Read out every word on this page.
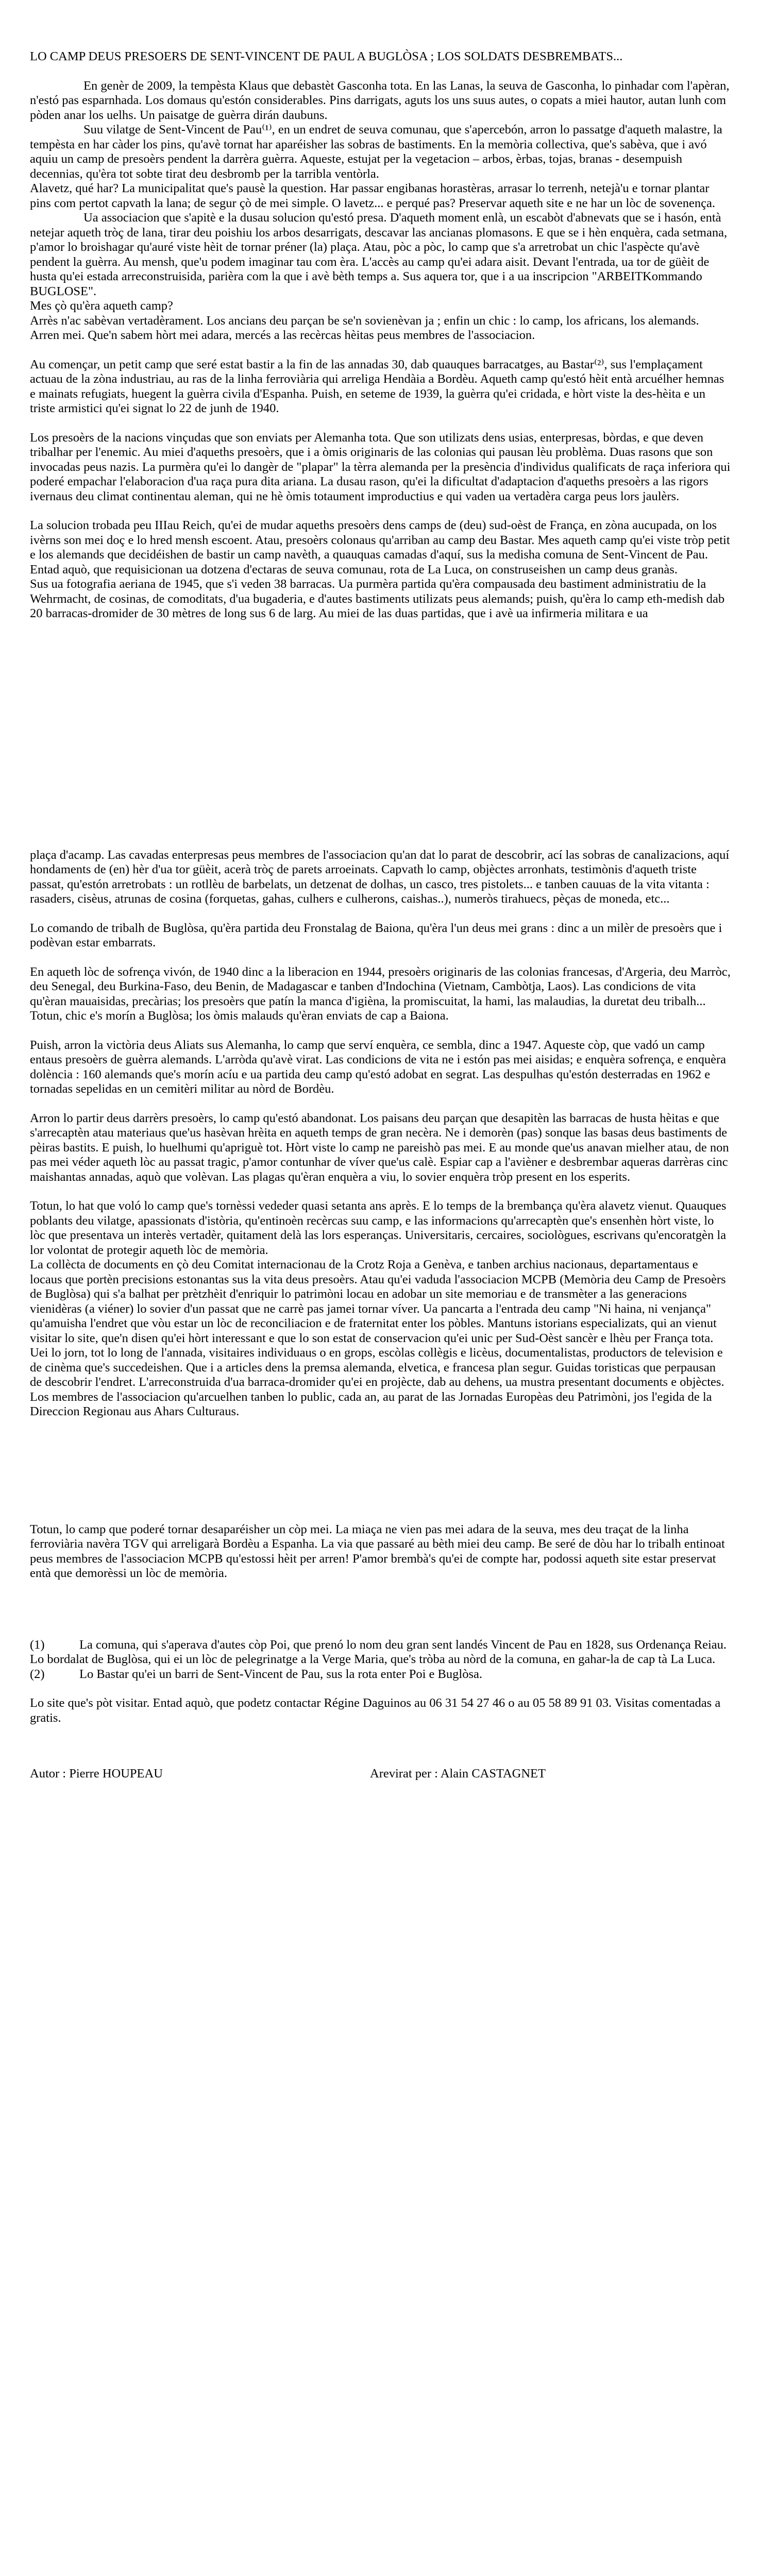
LO CAMP DEUS PRESOERS DE SENT-VINCENT DE PAUL A BUGLÒSA ; LOS SOLDATS DESBREMBATS...

En genèr de 2009, la tempèsta Klaus que debastèt Gasconha tota. En las Lanas, la seuva de Gasconha, lo pinhadar com l'apèran, n'estó pas esparnhada. Los domaus qu'estón considerables. Pins darrigats, aguts los uns suus autes, o copats a miei hautor, autan lunh com pòden anar los uelhs. Un paisatge de guèrra dirán daubuns.

Suu vilatge de Sent-Vincent de Pau⁽¹⁾, en un endret de seuva comunau, que s'apercebón, arron lo passatge d'aqueth malastre, la tempèsta en har càder los pins, qu'avè tornat har aparéisher las sobras de bastiments. En la memòria collectiva, que's sabèva, que i avó aquiu un camp de presoèrs pendent la darrèra guèrra. Aqueste, estujat per la vegetacion – arbos, èrbas, tojas, branas - desempuish decennias, qu'èra tot sobte tirat deu desbromb per la tarribla ventòrla.

Alavetz, qué har? La municipalitat que's pausè la question. Har passar engibanas horastèras, arrasar lo terrenh, netejà'u e tornar plantar pins com pertot capvath la lana; de segur çò de mei simple. O lavetz... e perqué pas? Preservar aqueth site e ne har un lòc de sovenença.

Ua associacion que s'apitè e la dusau solucion qu'estó presa. D'aqueth moment enlà, un escabòt d'abnevats que se i hasón, entà netejar aqueth tròç de lana, tirar deu poishiu los arbos desarrigats, descavar las ancianas plomasons. E que se i hèn enquèra, cada setmana, p'amor lo broishagar qu'auré viste hèit de tornar préner (la) plaça. Atau, pòc a pòc, lo camp que s'a arretrobat un chic l'aspècte qu'avè pendent la guèrra. Au mensh, que'u podem imaginar tau com èra. L'accès au camp qu'ei adara aisit. Devant l'entrada, ua tor de güèit de husta qu'ei estada arreconstruisida, parièra com la que i avè bèth temps a. Sus aquera tor, que i a ua inscripcion "ARBEITKommando BUGLOSE".

Mes çò qu'èra aqueth camp?

Arrès n'ac sabèvan vertadèrament. Los ancians deu parçan be se'n sovienèvan ja ; enfin un chic : lo camp, los africans, los alemands. Arren mei. Que'n sabem hòrt mei adara, mercés a las recèrcas hèitas peus membres de l'associacion.

Au començar, un petit camp que seré estat bastir a la fin de las annadas 30, dab quauques barracatges, au Bastar⁽²⁾, sus l'emplaçament actuau de la zòna industriau, au ras de la linha ferroviària qui arreliga Hendàia a Bordèu. Aqueth camp qu'estó hèit entà arcuélher hemnas e mainats refugiats, huegent la guèrra civila d'Espanha. Puish, en seteme de 1939, la guèrra qu'ei cridada, e hòrt viste la des-hèita e un triste armistici qu'ei signat lo 22 de junh de 1940.

Los presoèrs de la nacions vinçudas que son enviats per Alemanha tota. Que son utilizats dens usias, enterpresas, bòrdas, e que deven tribalhar per l'enemic. Au miei d'aqueths presoèrs, que i a òmis originaris de las colonias qui pausan lèu problèma. Duas rasons que son invocadas peus nazis. La purmèra qu'ei lo dangèr de "plapar" la tèrra alemanda per la presència d'individus qualificats de raça inferiora qui poderé empachar l'elaboracion d'ua raça pura dita ariana. La dusau rason, qu'ei la dificultat d'adaptacion d'aqueths presoèrs a las rigors ivernaus deu climat continentau aleman, qui ne hè òmis totaument improductius e qui vaden ua vertadèra carga peus lors jaulèrs.

La solucion trobada peu IIIau Reich, qu'ei de mudar aqueths presoèrs dens camps de (deu) sud-oèst de França, en zòna aucupada, on los ivèrns son mei doç e lo hred mensh escoent. Atau, presoèrs colonaus qu'arriban au camp deu Bastar. Mes aqueth camp qu'ei viste tròp petit e los alemands que decidéishen de bastir un camp navèth, a quauquas camadas d'aquí, sus la medisha comuna de Sent-Vincent de Pau. Entad aquò, que requisicionan ua dotzena d'ectaras de seuva comunau, rota de La Luca, on construseishen un camp deus granàs.

Sus ua fotografia aeriana de 1945, que s'i veden 38 barracas. Ua purmèra partida qu'èra compausada deu bastiment administratiu de la Wehrmacht, de cosinas, de comoditats, d'ua bugaderia, e d'autes bastiments utilizats peus alemands; puish, qu'èra lo camp eth-medish dab 20 barracas-dromider de 30 mètres de long sus 6 de larg. Au miei de las duas partidas, que i avè ua infirmeria militara e ua

plaça d'acamp. Las cavadas enterpresas peus membres de l'associacion qu'an dat lo parat de descobrir, ací las sobras de canalizacions, aquí hondaments de (en) hèr d'ua tor güèit, acerà tròç de parets arroeinats. Capvath lo camp, objèctes arronhats, testimònis d'aqueth triste passat, qu'estón arretrobats : un rotllèu de barbelats, un detzenat de dolhas, un casco, tres pistolets... e tanben cauuas de la vita vitanta : rasaders, cisèus, atrunas de cosina (forquetas, gahas, culhers e culherons, caishas..), numeròs tirahuecs, pèças de moneda, etc...

Lo comando de tribalh de Buglòsa, qu'èra partida deu Fronstalag de Baiona, qu'èra l'un deus mei grans : dinc a un milèr de presoèrs que i podèvan estar embarrats.

En aqueth lòc de sofrença vivón, de 1940 dinc a la liberacion en 1944, presoèrs originaris de las colonias francesas, d'Argeria, deu Marròc, deu Senegal, deu Burkina-Faso, deu Benin, de Madagascar e tanben d'Indochina (Vietnam, Cambòtja, Laos). Las condicions de vita qu'èran mauaisidas, precàrias; los presoèrs que patín la manca d'igièna, la promiscuitat, la hami, las malaudias, la duretat deu tribalh... Totun, chic e's morín a Buglòsa; los òmis malauds qu'èran enviats de cap a Baiona.

Puish, arron la victòria deus Aliats sus Alemanha, lo camp que serví enquèra, ce sembla, dinc a 1947. Aqueste còp, que vadó un camp entaus presoèrs de guèrra alemands. L'arròda qu'avè virat. Las condicions de vita ne i estón pas mei aisidas; e enquèra sofrença, e enquèra dolència : 160 alemands que's morín acíu e ua partida deu camp qu'estó adobat en segrat. Las despulhas qu'estón desterradas en 1962 e tornadas sepelidas en un cemitèri militar au nòrd de Bordèu.

Arron lo partir deus darrèrs presoèrs, lo camp qu'estó abandonat. Los paisans deu parçan que desapitèn las barracas de husta hèitas e que s'arrecaptèn atau materiaus que'us hasèvan hrèita en aqueth temps de gran necèra. Ne i demorèn (pas) sonque las basas deus bastiments de pèiras bastits. E puish, lo huelhumi qu'apriguè tot. Hòrt viste lo camp ne pareishò pas mei. E au monde que'us anavan mielher atau, de non pas mei véder aqueth lòc au passat tragic, p'amor contunhar de víver que'us calè. Espiar cap a l'avièner e desbrembar aqueras darrèras cinc maishantas annadas, aquò que volèvan. Las plagas qu'èran enquèra a viu, lo sovier enquèra tròp present en los esperits.

Totun, lo hat que voló lo camp que's tornèssi vededer quasi setanta ans après. E lo temps de la brembança qu'èra alavetz vienut. Quauques poblants deu vilatge, apassionats d'istòria, qu'entinoèn recèrcas suu camp, e las informacions qu'arrecaptèn que's ensenhèn hòrt viste, lo lòc que presentava un interès vertadèr, quitament delà las lors esperanças. Universitaris, cercaires, sociològues, escrivans qu'encoratgèn la lor volontat de protegir aqueth lòc de memòria.

La collècta de documents en çò deu Comitat internacionau de la Crotz Roja a Genèva, e tanben archius nacionaus, departamentaus e locaus que portèn precisions estonantas sus la vita deus presoèrs. Atau qu'ei vaduda l'associacion MCPB (Memòria deu Camp de Presoèrs de Buglòsa) qui s'a balhat per prètzhèit d'enriquir lo patrimòni locau en adobar un site memoriau e de transmèter a las generacions vienidèras (a viéner) lo sovier d'un passat que ne carrè pas jamei tornar víver. Ua pancarta a l'entrada deu camp "Ni haina, ni venjança" qu'amuisha l'endret que vòu estar un lòc de reconciliacion e de fraternitat enter los pòbles. Mantuns istorians especializats, qui an vienut visitar lo site, que'n disen qu'ei hòrt interessant e que lo son estat de conservacion qu'ei unic per Sud-Oèst sancèr e lhèu per França tota.

Uei lo jorn, tot lo long de l'annada, visitaires individuaus o en grops, escòlas collègis e licèus, documentalistas, productors de television e de cinèma que's succedeishen. Que i a articles dens la premsa alemanda, elvetica, e francesa plan segur. Guidas toristicas que perpausan de descobrir l'endret. L'arreconstruida d'ua barraca-dromider qu'ei en projècte, dab au dehens, ua mustra presentant documents e objèctes. Los membres de l'associacion qu'arcuelhen tanben lo public, cada an, au parat de las Jornadas Europèas deu Patrimòni, jos l'egida de la Direccion Regionau aus Ahars Culturaus.

Totun, lo camp que poderé tornar desaparéisher un còp mei. La miaça ne vien pas mei adara de la seuva, mes deu traçat de la linha ferroviària navèra TGV qui arreligarà Bordèu a Espanha. La via que passaré au bèth miei deu camp. Be seré de dòu har lo tribalh entinoat peus membres de l'associacion MCPB qu'estossi hèit per arren! P'amor brembà's qu'ei de compte har, podossi aqueth site estar preservat entà que demorèssi un lòc de memòria.

(1)	La comuna, qui s'aperava d'autes còp Poi, que prenó lo nom deu gran sent landés Vincent de Pau en 1828, sus Ordenança Reiau. Lo bordalat de Buglòsa, qui ei un lòc de pelegrinatge a la Verge Maria, que's tròba au nòrd de la comuna, en gahar-la de cap tà La Luca.

(2)	Lo Bastar qu'ei un barri de Sent-Vincent de Pau, sus la rota enter Poi e Buglòsa.

Lo site que's pòt visitar. Entad aquò, que podetz contactar Régine Daguinos au 06 31 54 27 46 o au 05 58 89 91 03. Visitas comentadas a gratis.

Autor : Pierre HOUPEAU	Arevirat per : Alain CASTAGNET
